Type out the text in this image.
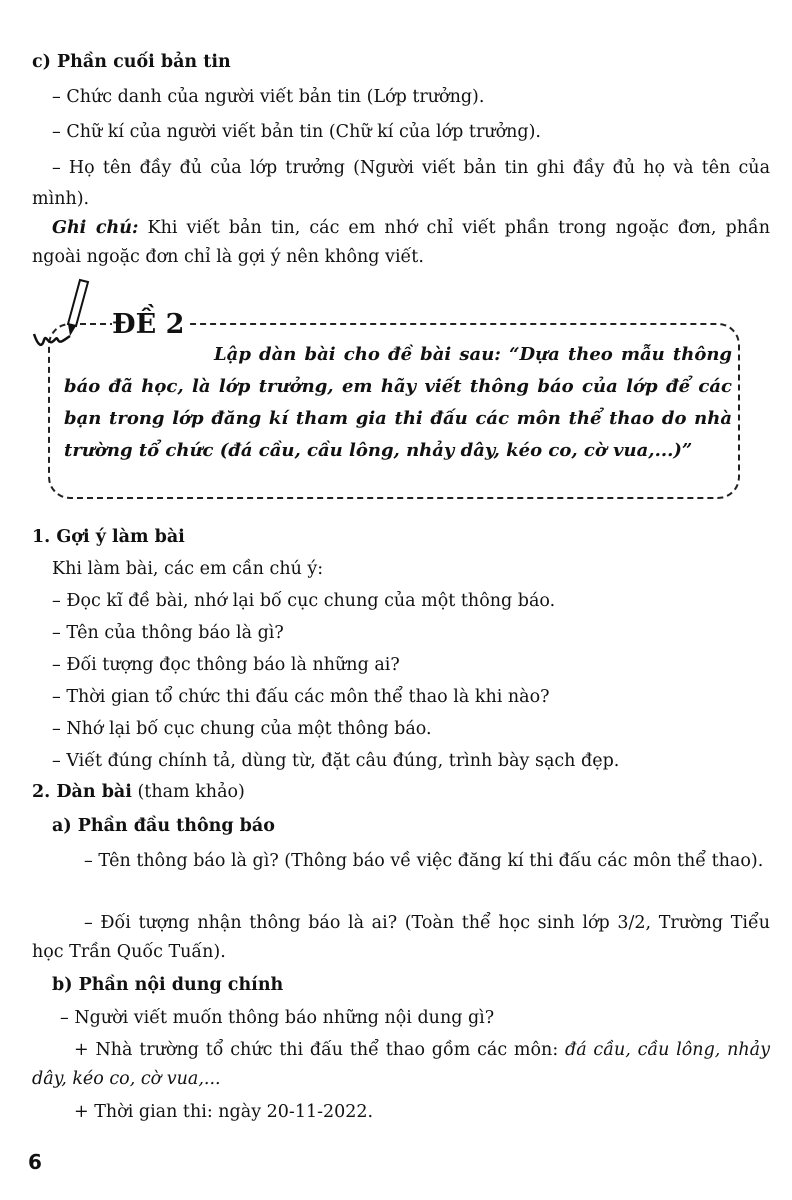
c) Phần cuối bản tin
– Chức danh của người viết bản tin (Lớp trưởng).
– Chữ kí của người viết bản tin (Chữ kí của lớp trưởng).
– Họ tên đầy đủ của lớp trưởng (Người viết bản tin ghi đầy đủ họ và tên của mình).
Ghi chú: Khi viết bản tin, các em nhớ chỉ viết phần trong ngoặc đơn, phần ngoài ngoặc đơn chỉ là gợi ý nên không viết.
ĐỀ 2
Lập dàn bài cho đề bài sau: “Dựa theo mẫu thông báo đã học, là lớp trưởng, em hãy viết thông báo của lớp để các bạn trong lớp đăng kí tham gia thi đấu các môn thể thao do nhà trường tổ chức (đá cầu, cầu lông, nhảy dây, kéo co, cờ vua,...)”
1. Gợi ý làm bài
Khi làm bài, các em cần chú ý:
– Đọc kĩ đề bài, nhớ lại bố cục chung của một thông báo.
– Tên của thông báo là gì?
– Đối tượng đọc thông báo là những ai?
– Thời gian tổ chức thi đấu các môn thể thao là khi nào?
– Nhớ lại bố cục chung của một thông báo.
– Viết đúng chính tả, dùng từ, đặt câu đúng, trình bày sạch đẹp.
2. Dàn bài (tham khảo)
a) Phần đầu thông báo
– Tên thông báo là gì? (Thông báo về việc đăng kí thi đấu các môn thể thao).
– Đối tượng nhận thông báo là ai? (Toàn thể học sinh lớp 3/2, Trường Tiểu học Trần Quốc Tuấn).
b) Phần nội dung chính
– Người viết muốn thông báo những nội dung gì?
+ Nhà trường tổ chức thi đấu thể thao gồm các môn: đá cầu, cầu lông, nhảy dây, kéo co, cờ vua,...
+ Thời gian thi: ngày 20-11-2022.
6
